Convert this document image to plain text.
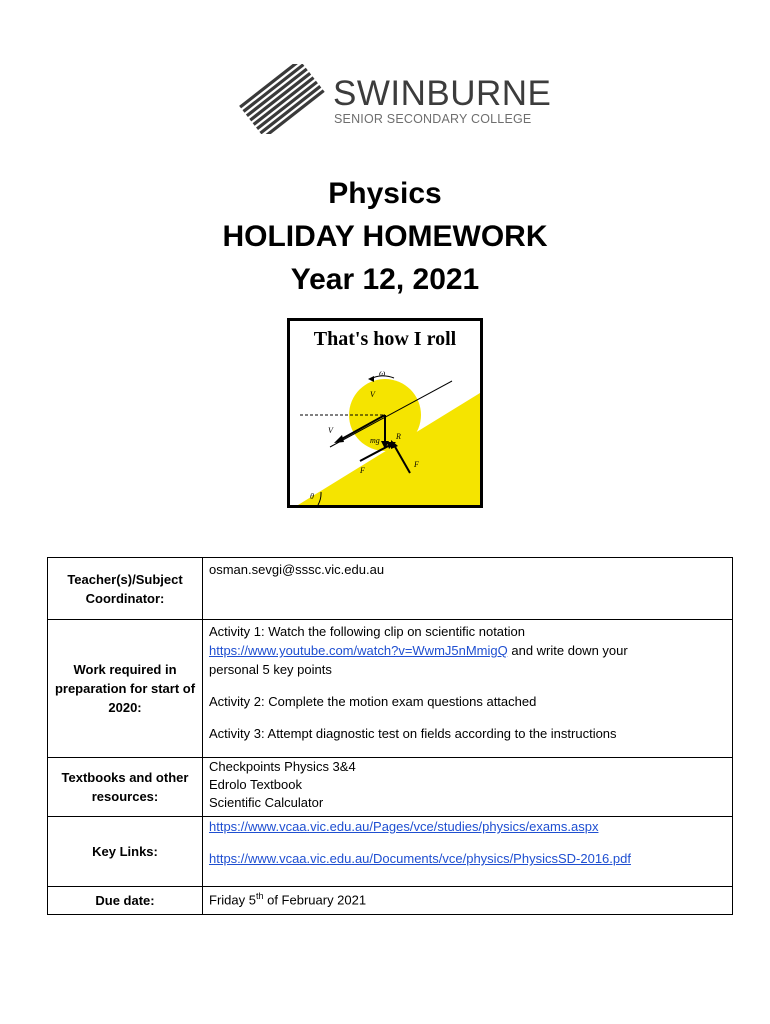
SWINBURNE
SENIOR SECONDARY COLLEGE
Physics
HOLIDAY HOMEWORK
Year 12, 2021
ω
V
V
mg R
F
F
θ
That's how I roll
Teacher(s)/Subject Coordinator:	osman.sevgi@sssc.vic.edu.au
Work required in preparation for start of 2020:	Activity 1: Watch the following clip on scientific notation
https://www.youtube.com/watch?v=WwmJ5nMmigQ and write down your
personal 5 key points
Activity 2: Complete the motion exam questions attached
Activity 3: Attempt diagnostic test on fields according to the instructions

Textbooks and other resources:	Checkpoints Physics 3&4
Edrolo Textbook
Scientific Calculator

Key Links:	https://www.vcaa.vic.edu.au/Pages/vce/studies/physics/exams.aspx
https://www.vcaa.vic.edu.au/Documents/vce/physics/PhysicsSD-2016.pdf

Due date:	Friday 5th of February 2021
